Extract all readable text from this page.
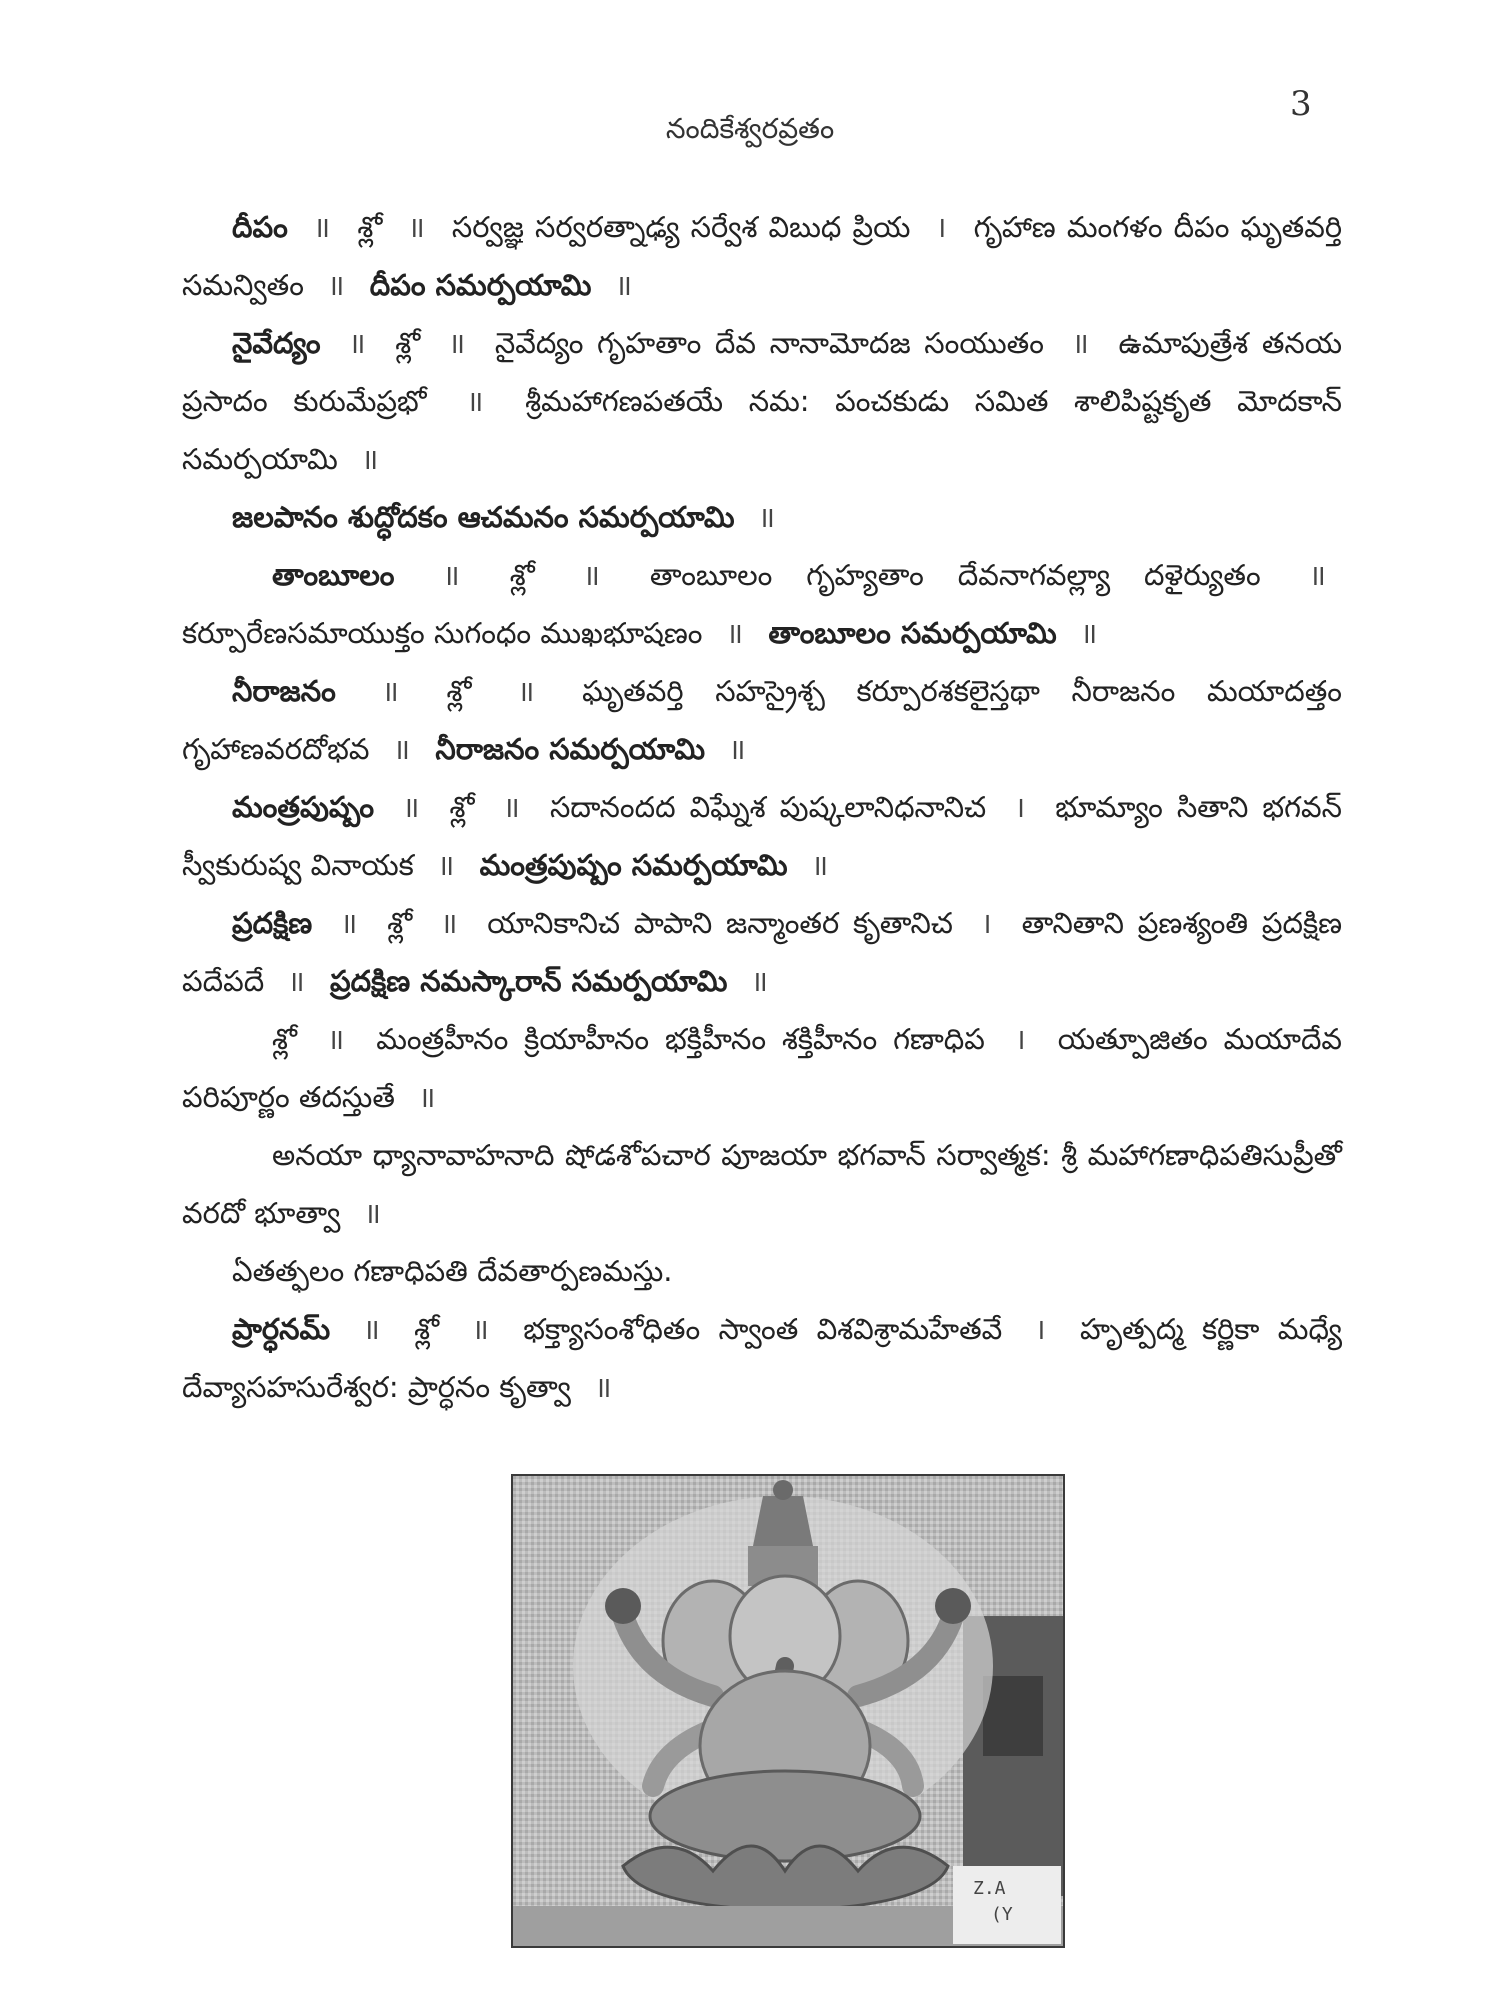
3
నందికేశ్వరవ్రతం

దీపం ॥ శ్లో ॥ సర్వజ్ఞ సర్వరత్నాఢ్య సర్వేశ విబుధ ప్రియ । గృహాణ మంగళం దీపం ఘృతవర్తి సమన్వితం ॥ దీపం సమర్పయామి ॥

నైవేద్యం ॥ శ్లో ॥ నైవేద్యం గృహతాం దేవ నానామోదజ సంయుతం ॥ ఉమాపుత్రేశ తనయ ప్రసాదం కురుమేప్రభో ॥ శ్రీమహాగణపతయే నమ: పంచకుడు సమిత శాలిపిష్టకృత మోదకాన్ సమర్పయామి ॥

జలపానం శుద్ధోదకం ఆచమనం సమర్పయామి ॥

తాంబూలం ॥ శ్లో ॥ తాంబూలం గృహ్యతాం దేవనాగవల్ల్యా దళైర్యుతం ॥ కర్పూరేణసమాయుక్తం సుగంధం ముఖభూషణం ॥ తాంబూలం సమర్పయామి ॥

నీరాజనం ॥ శ్లో ॥ ఘృతవర్తి సహస్రైశ్చ కర్పూరశకలైస్తథా నీరాజనం మయాదత్తం గృహాణవరదోభవ ॥ నీరాజనం సమర్పయామి ॥

మంత్రపుష్పం ॥ శ్లో ॥ సదానందద విఘ్నేశ పుష్కలానిధనానిచ । భూమ్యాం సితాని భగవన్ స్వీకురుష్వ వినాయక ॥ మంత్రపుష్పం సమర్పయామి ॥

ప్రదక్షిణ ॥ శ్లో ॥ యానికానిచ పాపాని జన్మాంతర కృతానిచ । తానితాని ప్రణశ్యంతి ప్రదక్షిణ పదేపదే ॥ ప్రదక్షిణ నమస్కారాన్ సమర్పయామి ॥

శ్లో ॥ మంత్రహీనం క్రియాహీనం భక్తిహీనం శక్తిహీనం గణాధిప । యత్పూజితం మయాదేవ పరిపూర్ణం తదస్తుతే ॥

అనయా ధ్యానావాహనాది షోడశోపచార పూజయా భగవాన్ సర్వాత్మక: శ్రీ మహాగణాధిపతిసుప్రీతో వరదో భూత్వా ॥

ఏతత్ఫలం గణాధిపతి దేవతార్పణమస్తు.

ప్రార్ధనమ్ ॥ శ్లో ॥ భక్త్యాసంశోధితం స్వాంత విశవిశ్రామహేతవే । హృత్పద్మ కర్ణికా మధ్యే దేవ్యాసహసురేశ్వర: ప్రార్ధనం కృత్వా ॥

Z.A
(Y
